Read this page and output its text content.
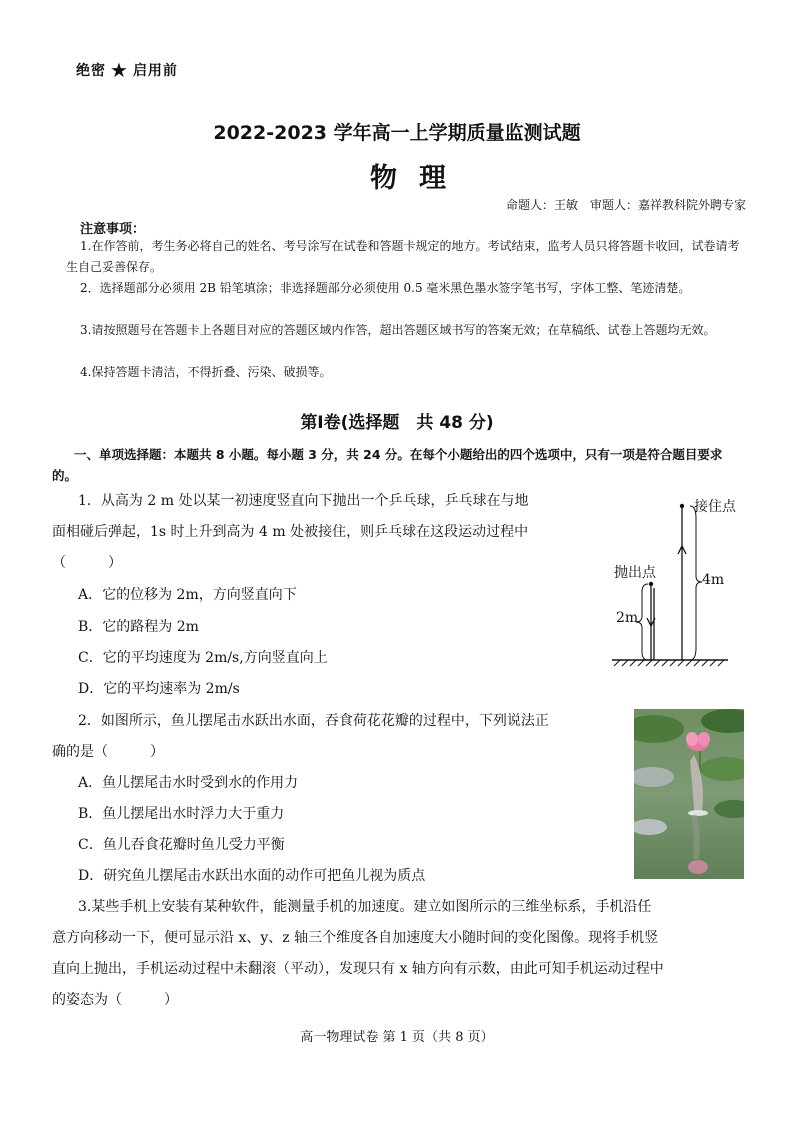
绝密 ★ 启用前
2022-2023 学年高一上学期质量监测试题
物理
命题人：王敏　审题人：嘉祥教科院外聘专家
注意事项：
1.在作答前，考生务必将自己的姓名、考号涂写在试卷和答题卡规定的地方。考试结束，监考人员只将答题卡收回，试卷请考生自己妥善保存。
2．选择题部分必须用 2B 铅笔填涂；非选择题部分必须使用 0.5 毫米黑色墨水签字笔书写，字体工整、笔迹清楚。
3.请按照题号在答题卡上各题目对应的答题区域内作答，超出答题区域书写的答案无效；在草稿纸、试卷上答题均无效。
4.保持答题卡清洁，不得折叠、污染、破损等。
第Ⅰ卷(选择题　共 48 分)
一、单项选择题：本题共 8 小题。每小题 3 分，共 24 分。在每个小题给出的四个选项中，只有一项是符合题目要求的。
1．从高为 2 m 处以某一初速度竖直向下抛出一个乒乓球，乒乓球在与地
面相碰后弹起，1s 时上升到高为 4 m 处被接住，则乒乓球在这段运动过程中
（　　　）
A．它的位移为 2m，方向竖直向下
B．它的路程为 2m
C．它的平均速度为 2m/s,方向竖直向上
D．它的平均速率为 2m/s
接住点
抛出点
2m
4m
2．如图所示，鱼儿摆尾击水跃出水面，吞食荷花花瓣的过程中，下列说法正
确的是（　　　）
A．鱼儿摆尾击水时受到水的作用力
B．鱼儿摆尾出水时浮力大于重力
C．鱼儿吞食花瓣时鱼儿受力平衡
D．研究鱼儿摆尾击水跃出水面的动作可把鱼儿视为质点
3.某些手机上安装有某种软件，能测量手机的加速度。建立如图所示的三维坐标系，手机沿任
意方向移动一下，便可显示沿 x、y、z 轴三个维度各自加速度大小随时间的变化图像。现将手机竖
直向上抛出，手机运动过程中未翻滚（平动），发现只有 x 轴方向有示数，由此可知手机运动过程中
的姿态为（　　　）
高一物理试卷 第 1 页（共 8 页）
